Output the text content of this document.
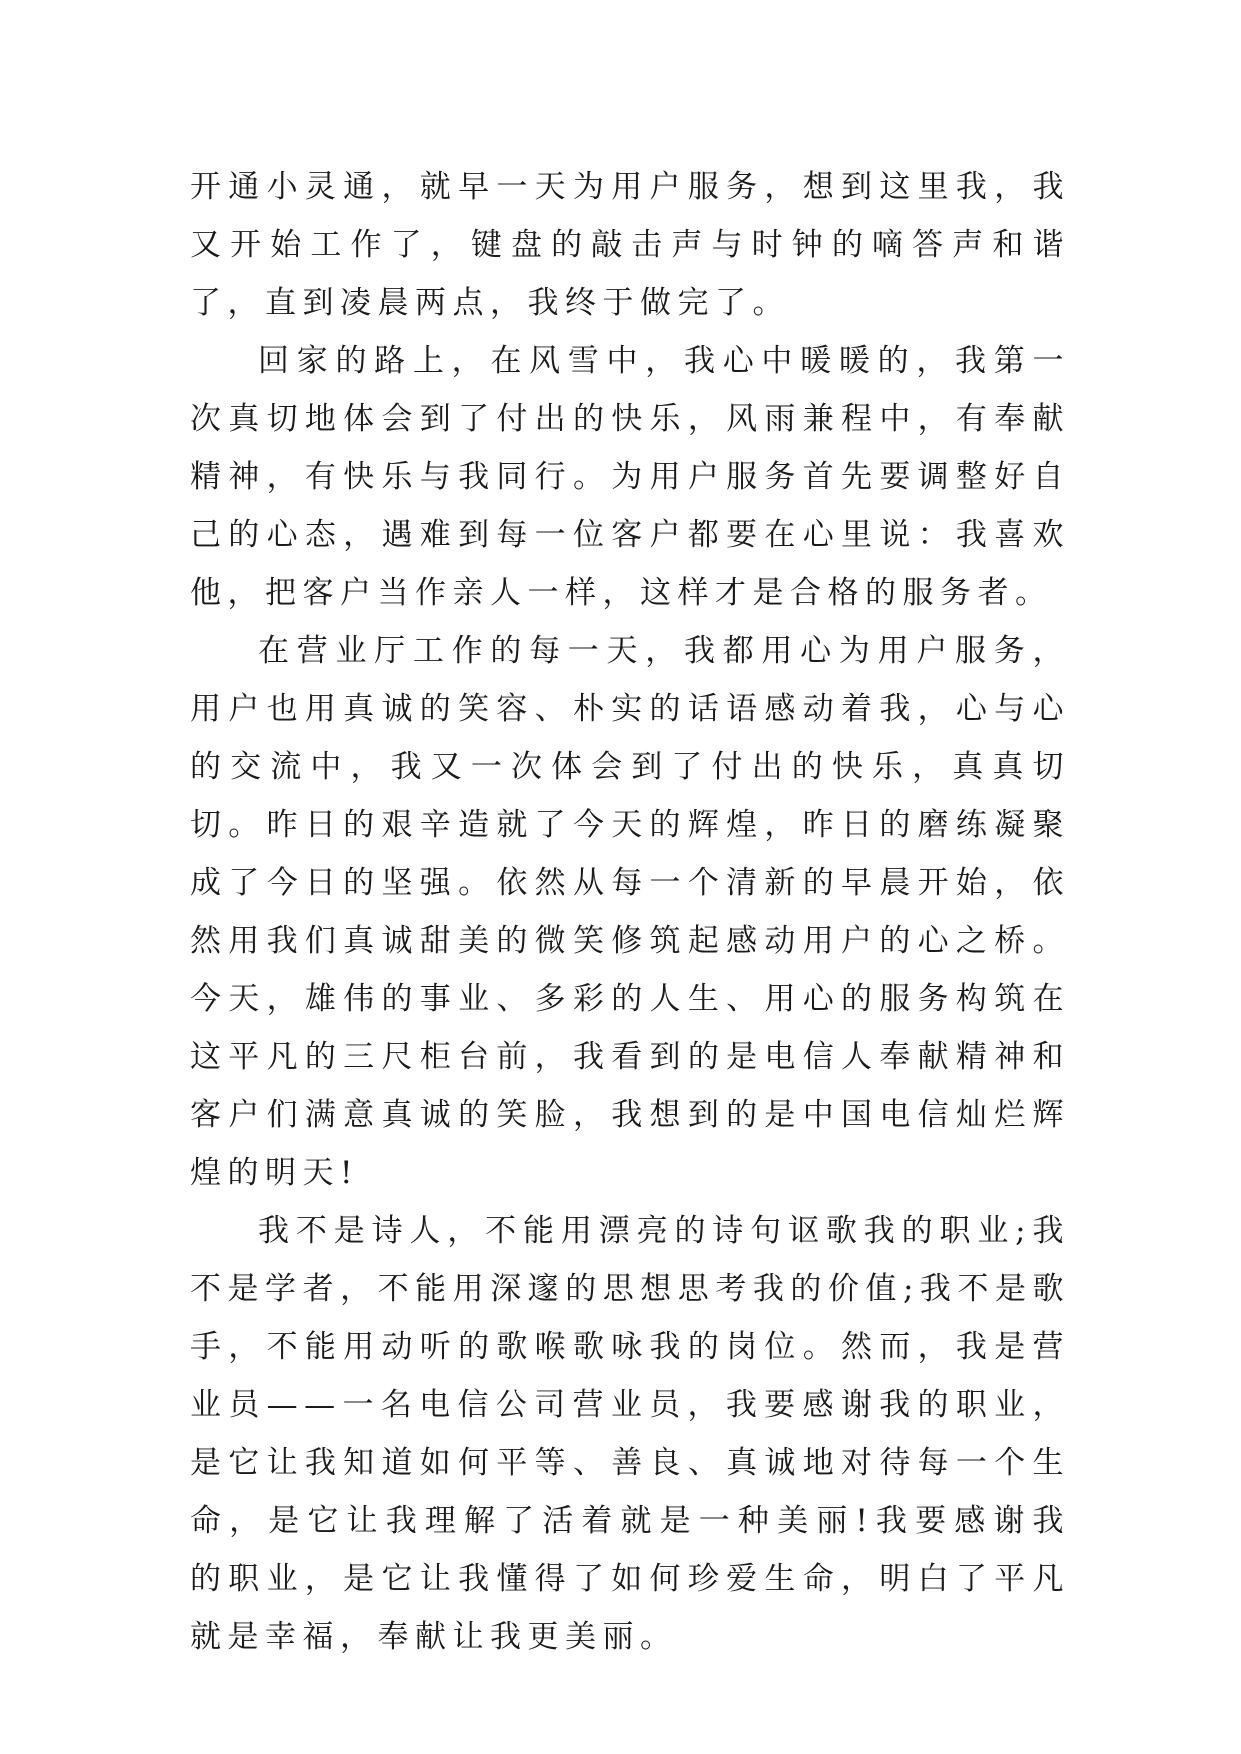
开通小灵通，就早一天为用户服务，想到这里我，我又开始工作了，键盘的敲击声与时钟的嘀答声和谐了，直到凌晨两点，我终于做完了。

回家的路上，在风雪中，我心中暖暖的，我第一次真切地体会到了付出的快乐，风雨兼程中，有奉献精神，有快乐与我同行。为用户服务首先要调整好自己的心态，遇难到每一位客户都要在心里说：我喜欢他，把客户当作亲人一样，这样才是合格的服务者。

在营业厅工作的每一天，我都用心为用户服务，用户也用真诚的笑容、朴实的话语感动着我，心与心的交流中，我又一次体会到了付出的快乐，真真切切。昨日的艰辛造就了今天的辉煌，昨日的磨练凝聚成了今日的坚强。依然从每一个清新的早晨开始，依然用我们真诚甜美的微笑修筑起感动用户的心之桥。今天，雄伟的事业、多彩的人生、用心的服务构筑在这平凡的三尺柜台前，我看到的是电信人奉献精神和客户们满意真诚的笑脸，我想到的是中国电信灿烂辉煌的明天!

我不是诗人，不能用漂亮的诗句讴歌我的职业;我不是学者，不能用深邃的思想思考我的价值;我不是歌手，不能用动听的歌喉歌咏我的岗位。然而，我是营业员——一名电信公司营业员，我要感谢我的职业，是它让我知道如何平等、善良、真诚地对待每一个生命，是它让我理解了活着就是一种美丽!我要感谢我的职业，是它让我懂得了如何珍爱生命，明白了平凡就是幸福，奉献让我更美丽。
